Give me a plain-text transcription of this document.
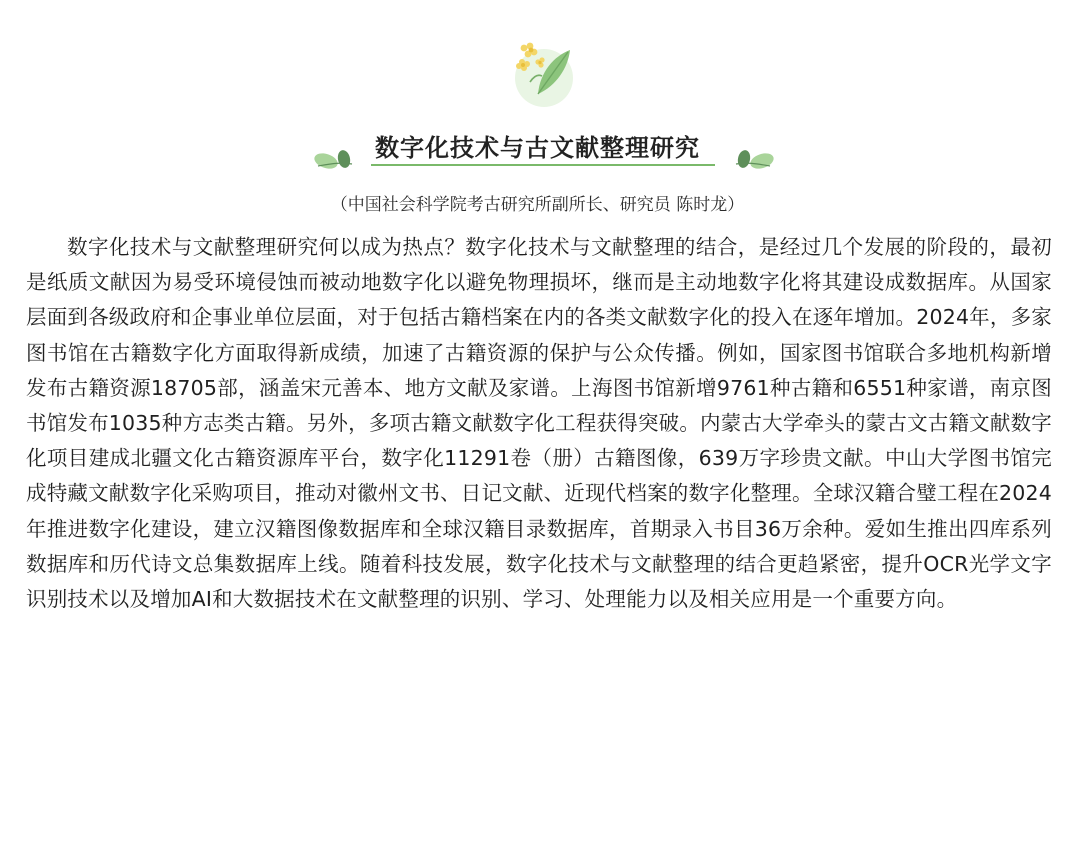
数字化技术与古文献整理研究
（中国社会科学院考古研究所副所长、研究员 陈时龙）

数字化技术与文献整理研究何以成为热点？数字化技术与文献整理的结合，是经过几个发展的阶段的，最初是纸质文献因为易受环境侵蚀而被动地数字化以避免物理损坏，继而是主动地数字化将其建设成数据库。从国家层面到各级政府和企事业单位层面，对于包括古籍档案在内的各类文献数字化的投入在逐年增加。2024年，多家图书馆在古籍数字化方面取得新成绩，加速了古籍资源的保护与公众传播。例如，国家图书馆联合多地机构新增发布古籍资源18705部，涵盖宋元善本、地方文献及家谱。上海图书馆新增9761种古籍和6551种家谱，南京图书馆发布1035种方志类古籍。另外，多项古籍文献数字化工程获得突破。内蒙古大学牵头的蒙古文古籍文献数字化项目建成北疆文化古籍资源库平台，数字化11291卷（册）古籍图像，639万字珍贵文献。中山大学图书馆完成特藏文献数字化采购项目，推动对徽州文书、日记文献、近现代档案的数字化整理。全球汉籍合璧工程在2024年推进数字化建设，建立汉籍图像数据库和全球汉籍目录数据库，首期录入书目36万余种。爱如生推出四库系列数据库和历代诗文总集数据库上线。随着科技发展，数字化技术与文献整理的结合更趋紧密，提升OCR光学文字识别技术以及增加AI和大数据技术在文献整理的识别、学习、处理能力以及相关应用是一个重要方向。
